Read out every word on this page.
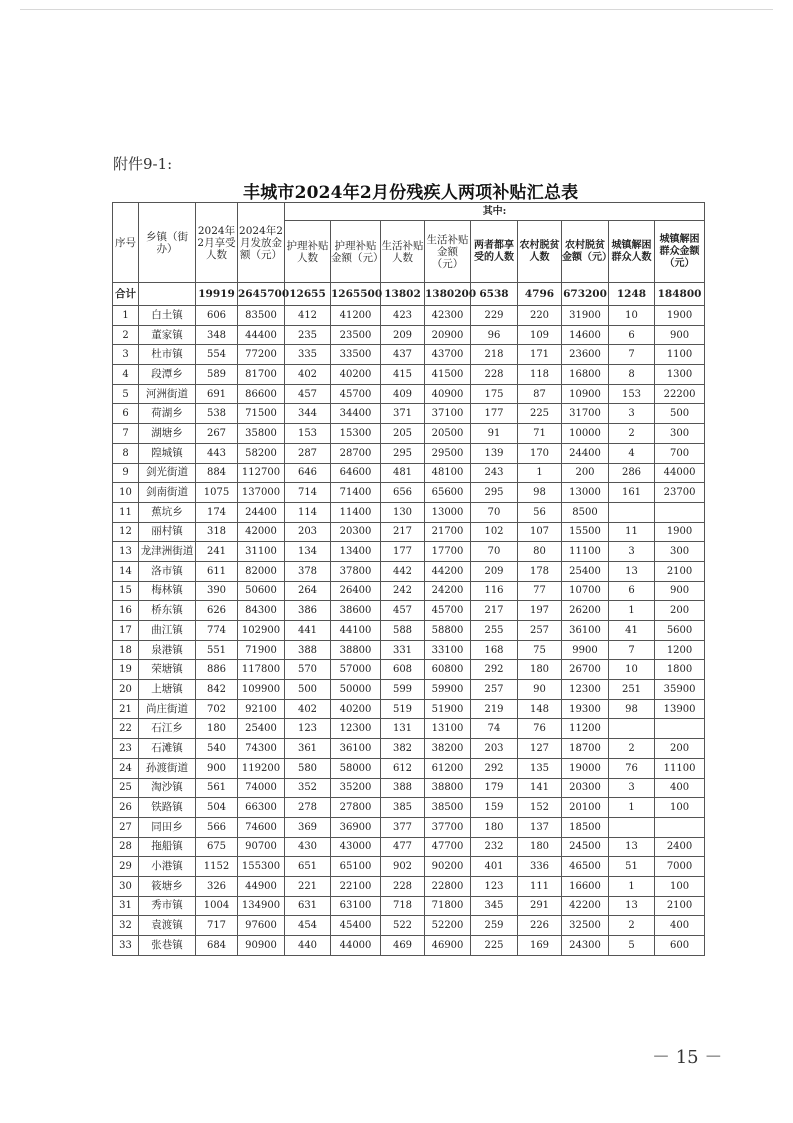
附件9-1:
丰城市2024年2月份残疾人两项补贴汇总表
序号	乡镇（街办）	2024年2月享受人数	2024年2月发放金额（元）	其中:								
				护理补贴人数	护理补贴金额（元）	生活补贴人数	生活补贴金额（元）	两者都享受的人数	农村脱贫人数	农村脱贫金额（元）	城镇解困群众人数	城镇解困群众金额（元）
合计		19919	2645700	12655	1265500	13802	1380200	6538	4796	673200	1248	184800
1	白土镇	606	83500	412	41200	423	42300	229	220	31900	10	1900
2	董家镇	348	44400	235	23500	209	20900	96	109	14600	6	900
3	杜市镇	554	77200	335	33500	437	43700	218	171	23600	7	1100
4	段潭乡	589	81700	402	40200	415	41500	228	118	16800	8	1300
5	河洲街道	691	86600	457	45700	409	40900	175	87	10900	153	22200
6	荷湖乡	538	71500	344	34400	371	37100	177	225	31700	3	500
7	湖塘乡	267	35800	153	15300	205	20500	91	71	10000	2	300
8	隍城镇	443	58200	287	28700	295	29500	139	170	24400	4	700
9	剑光街道	884	112700	646	64600	481	48100	243	1	200	286	44000
10	剑南街道	1075	137000	714	71400	656	65600	295	98	13000	161	23700
11	蕉坑乡	174	24400	114	11400	130	13000	70	56	8500		
12	丽村镇	318	42000	203	20300	217	21700	102	107	15500	11	1900
13	龙津洲街道	241	31100	134	13400	177	17700	70	80	11100	3	300
14	洛市镇	611	82000	378	37800	442	44200	209	178	25400	13	2100
15	梅林镇	390	50600	264	26400	242	24200	116	77	10700	6	900
16	桥东镇	626	84300	386	38600	457	45700	217	197	26200	1	200
17	曲江镇	774	102900	441	44100	588	58800	255	257	36100	41	5600
18	泉港镇	551	71900	388	38800	331	33100	168	75	9900	7	1200
19	荣塘镇	886	117800	570	57000	608	60800	292	180	26700	10	1800
20	上塘镇	842	109900	500	50000	599	59900	257	90	12300	251	35900
21	尚庄街道	702	92100	402	40200	519	51900	219	148	19300	98	13900
22	石江乡	180	25400	123	12300	131	13100	74	76	11200		
23	石滩镇	540	74300	361	36100	382	38200	203	127	18700	2	200
24	孙渡街道	900	119200	580	58000	612	61200	292	135	19000	76	11100
25	淘沙镇	561	74000	352	35200	388	38800	179	141	20300	3	400
26	铁路镇	504	66300	278	27800	385	38500	159	152	20100	1	100
27	同田乡	566	74600	369	36900	377	37700	180	137	18500		
28	拖船镇	675	90700	430	43000	477	47700	232	180	24500	13	2400
29	小港镇	1152	155300	651	65100	902	90200	401	336	46500	51	7000
30	筱塘乡	326	44900	221	22100	228	22800	123	111	16600	1	100
31	秀市镇	1004	134900	631	63100	718	71800	345	291	42200	13	2100
32	袁渡镇	717	97600	454	45400	522	52200	259	226	32500	2	400
33	张巷镇	684	90900	440	44000	469	46900	225	169	24300	5	600
－ 15 －
